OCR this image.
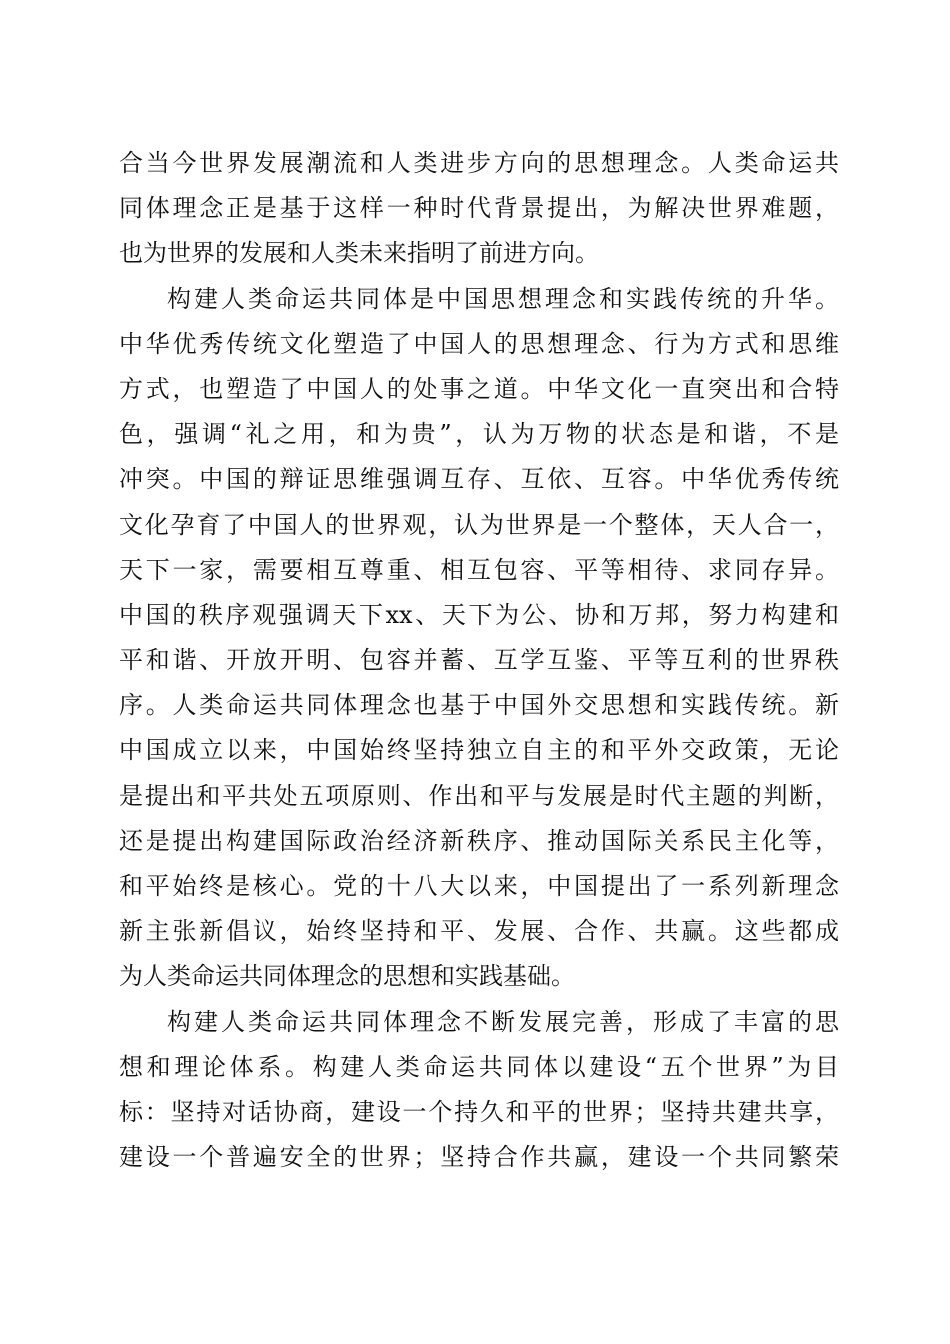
合当今世界发展潮流和人类进步方向的思想理念。人类命运共
同体理念正是基于这样一种时代背景提出，为解决世界难题，
也为世界的发展和人类未来指明了前进方向。
构建人类命运共同体是中国思想理念和实践传统的升华。
中华优秀传统文化塑造了中国人的思想理念、行为方式和思维
方式，也塑造了中国人的处事之道。中华文化一直突出和合特
色，强调“礼之用，和为贵”，认为万物的状态是和谐，不是
冲突。中国的辩证思维强调互存、互依、互容。中华优秀传统
文化孕育了中国人的世界观，认为世界是一个整体，天人合一，
天下一家，需要相互尊重、相互包容、平等相待、求同存异。
中国的秩序观强调天下xx、天下为公、协和万邦，努力构建和
平和谐、开放开明、包容并蓄、互学互鉴、平等互利的世界秩
序。人类命运共同体理念也基于中国外交思想和实践传统。新
中国成立以来，中国始终坚持独立自主的和平外交政策，无论
是提出和平共处五项原则、作出和平与发展是时代主题的判断，
还是提出构建国际政治经济新秩序、推动国际关系民主化等，
和平始终是核心。党的十八大以来，中国提出了一系列新理念
新主张新倡议，始终坚持和平、发展、合作、共赢。这些都成
为人类命运共同体理念的思想和实践基础。
构建人类命运共同体理念不断发展完善，形成了丰富的思
想和理论体系。构建人类命运共同体以建设“五个世界”为目
标：坚持对话协商，建设一个持久和平的世界；坚持共建共享，
建设一个普遍安全的世界；坚持合作共赢，建设一个共同繁荣
